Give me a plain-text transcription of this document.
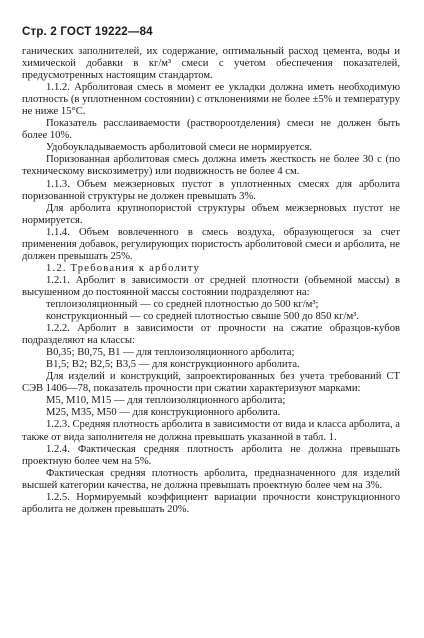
Стр. 2 ГОСТ 19222—84

ганических заполнителей, их содержание, оптимальный расход цемента, воды и химической добавки в кг/м³ смеси с учетом обеспечения показателей, предусмотренных настоящим стандартом.

1.1.2. Арболитовая смесь в момент ее укладки должна иметь необходимую плотность (в уплотненном состоянии) с отклонениями не более ±5% и температуру не ниже 15°С.

Показатель расслаиваемости (раствороотделения) смеси не должен быть более 10%.

Удобоукладываемость арболитовой смеси не нормируется.

Поризованная арболитовая смесь должна иметь жесткость не более 30 с (по техническому вискозиметру) или подвижность не более 4 см.

1.1.3. Объем межзерновых пустот в уплотненных смесях для арболита поризованной структуры не должен превышать 3%.

Для арболита крупнопористой структуры объем межзерновых пустот не нормируется.

1.1.4. Объем вовлеченного в смесь воздуха, образующегося за счет применения добавок, регулирующих пористость арболитовой смеси и арболита, не должен превышать 25%.

1.2. Требования к арболиту

1.2.1. Арболит в зависимости от средней плотности (объемной массы) в высушенном до постоянной массы состоянии подразделяют на:

теплоизоляционный — со средней плотностью до 500 кг/м³;

конструкционный — со средней плотностью свыше 500 до 850 кг/м³.

1.2.2. Арболит в зависимости от прочности на сжатие образцов-кубов подразделяют на классы:

В0,35; В0,75, В1 — для теплоизоляционного арболита;

В1,5; В2; В2,5; В3,5 — для конструкционного арболита.

Для изделий и конструкций, запроектированных без учета требований СТ СЭВ 1406—78, показатель прочности при сжатии характеризуют марками:

М5, М10, М15 — для теплоизоляционного арболита;

М25, М35, М50 — для конструкционного арболита.

1.2.3. Средняя плотность арболита в зависимости от вида и класса арболита, а также от вида заполнителя не должна превышать указанной в табл. 1.

1.2.4. Фактическая средняя плотность арболита не должна превышать проектную более чем на 5%.

Фактическая средняя плотность арболита, предназначенного для изделий высшей категории качества, не должна превышать проектную более чем на 3%.

1.2.5. Нормируемый коэффициент вариации прочности конструкционного арболита не должен превышать 20%.
